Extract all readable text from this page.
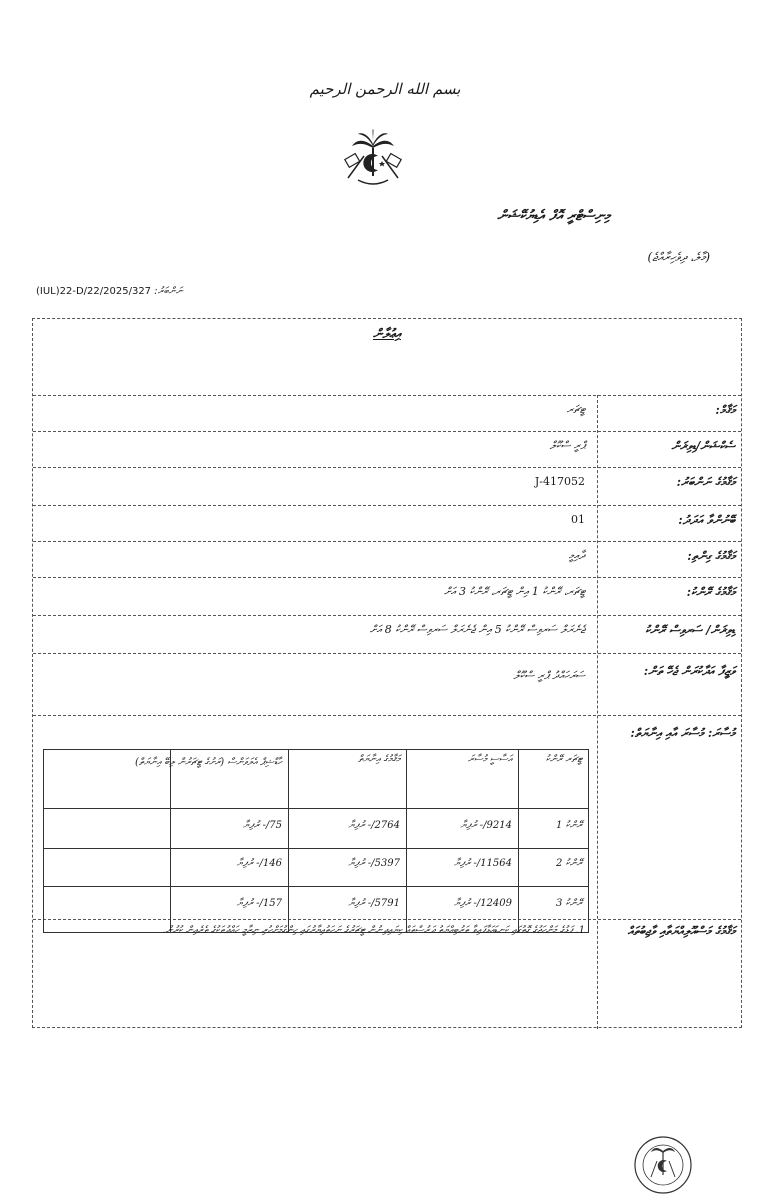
بسم الله الرحمن الرحيم
މިނިސްޓްރީ އޮފް އެޑިޔުކޭޝަން
(މާލެ، ދިވެހިރާއްޖެ)
(IUL)22-D/22/2025/327 ނަންބަރު:
އިޢުލާން
މަޤާމް:
ޓީޗަރ
ސެކްޝަން/ޑިވިޜަން
ޕްރީ ސްކޫލް
މަޤާމުގެ ނަންބަރު:
J-417052
ބޭނުންވާ އަދަދު:
01
މަޤާމުގެ ގިންތި:
ދާއިމީ
މަޤާމުގެ ރޭންކު:
ޓީޗަރ، ރޭންކު 1 އިން ޓީޗަރ، ރޭންކު 3 އަށް
ޑިވިޜަން/ ސަރވިސް ރޭންކު
ޖެނެރަލް ސަރވިސް ރޭންކު 5 އިން ޖެނެރަލް ސަރވިސް ރޭންކު 8 އަށް
ވަޒީފާ އަދާކުރަން ޖެހޭ ތަން:
ސަރަހައްދު ޕްރީ ސްކޫލް
މުސާރަ: މުސާރަ އާއި އިނާޔަތް:
ޓީޗަރ ރޭންކު
އަސާސީ މުސާރަ
މަޤާމުގެ އިނާޔަތް
ހާޑްޝިޕް އެލަވަންސް (ރަށުގެ ޓީޗަރުން ލިބޭ އިނާޔަތް)
ރޭންކު 1
9214/- ރުފިޔާ
2764/- ރުފިޔާ
75/- ރުފިޔާ
ރޭންކު 2
11564/- ރުފިޔާ
5397/- ރުފިޔާ
146/- ރުފިޔާ
ރޭންކު 3
12409/- ރުފިޔާ
5791/- ރުފިޔާ
157/- ރުފިޔާ
މަޤާމުގެ މަސްއޫލިއްޔަތާއި ވާޖިބުތައް
1. ފަޅުގެ މަންހަޖުގެ ގޮތުގައި ކަނޑައަޅާފައިވާ ތަރުބިއްޔަތު ދަރުސްތައް ކިޔައިދިނުން ޓީޗަރުގެ ނަހަތުއިޔާރުގައި ހިންގުމަށްހުރި ނިޒާމީ ހައްދުތަކުގެ ތެރެއިން ކުރުން.
